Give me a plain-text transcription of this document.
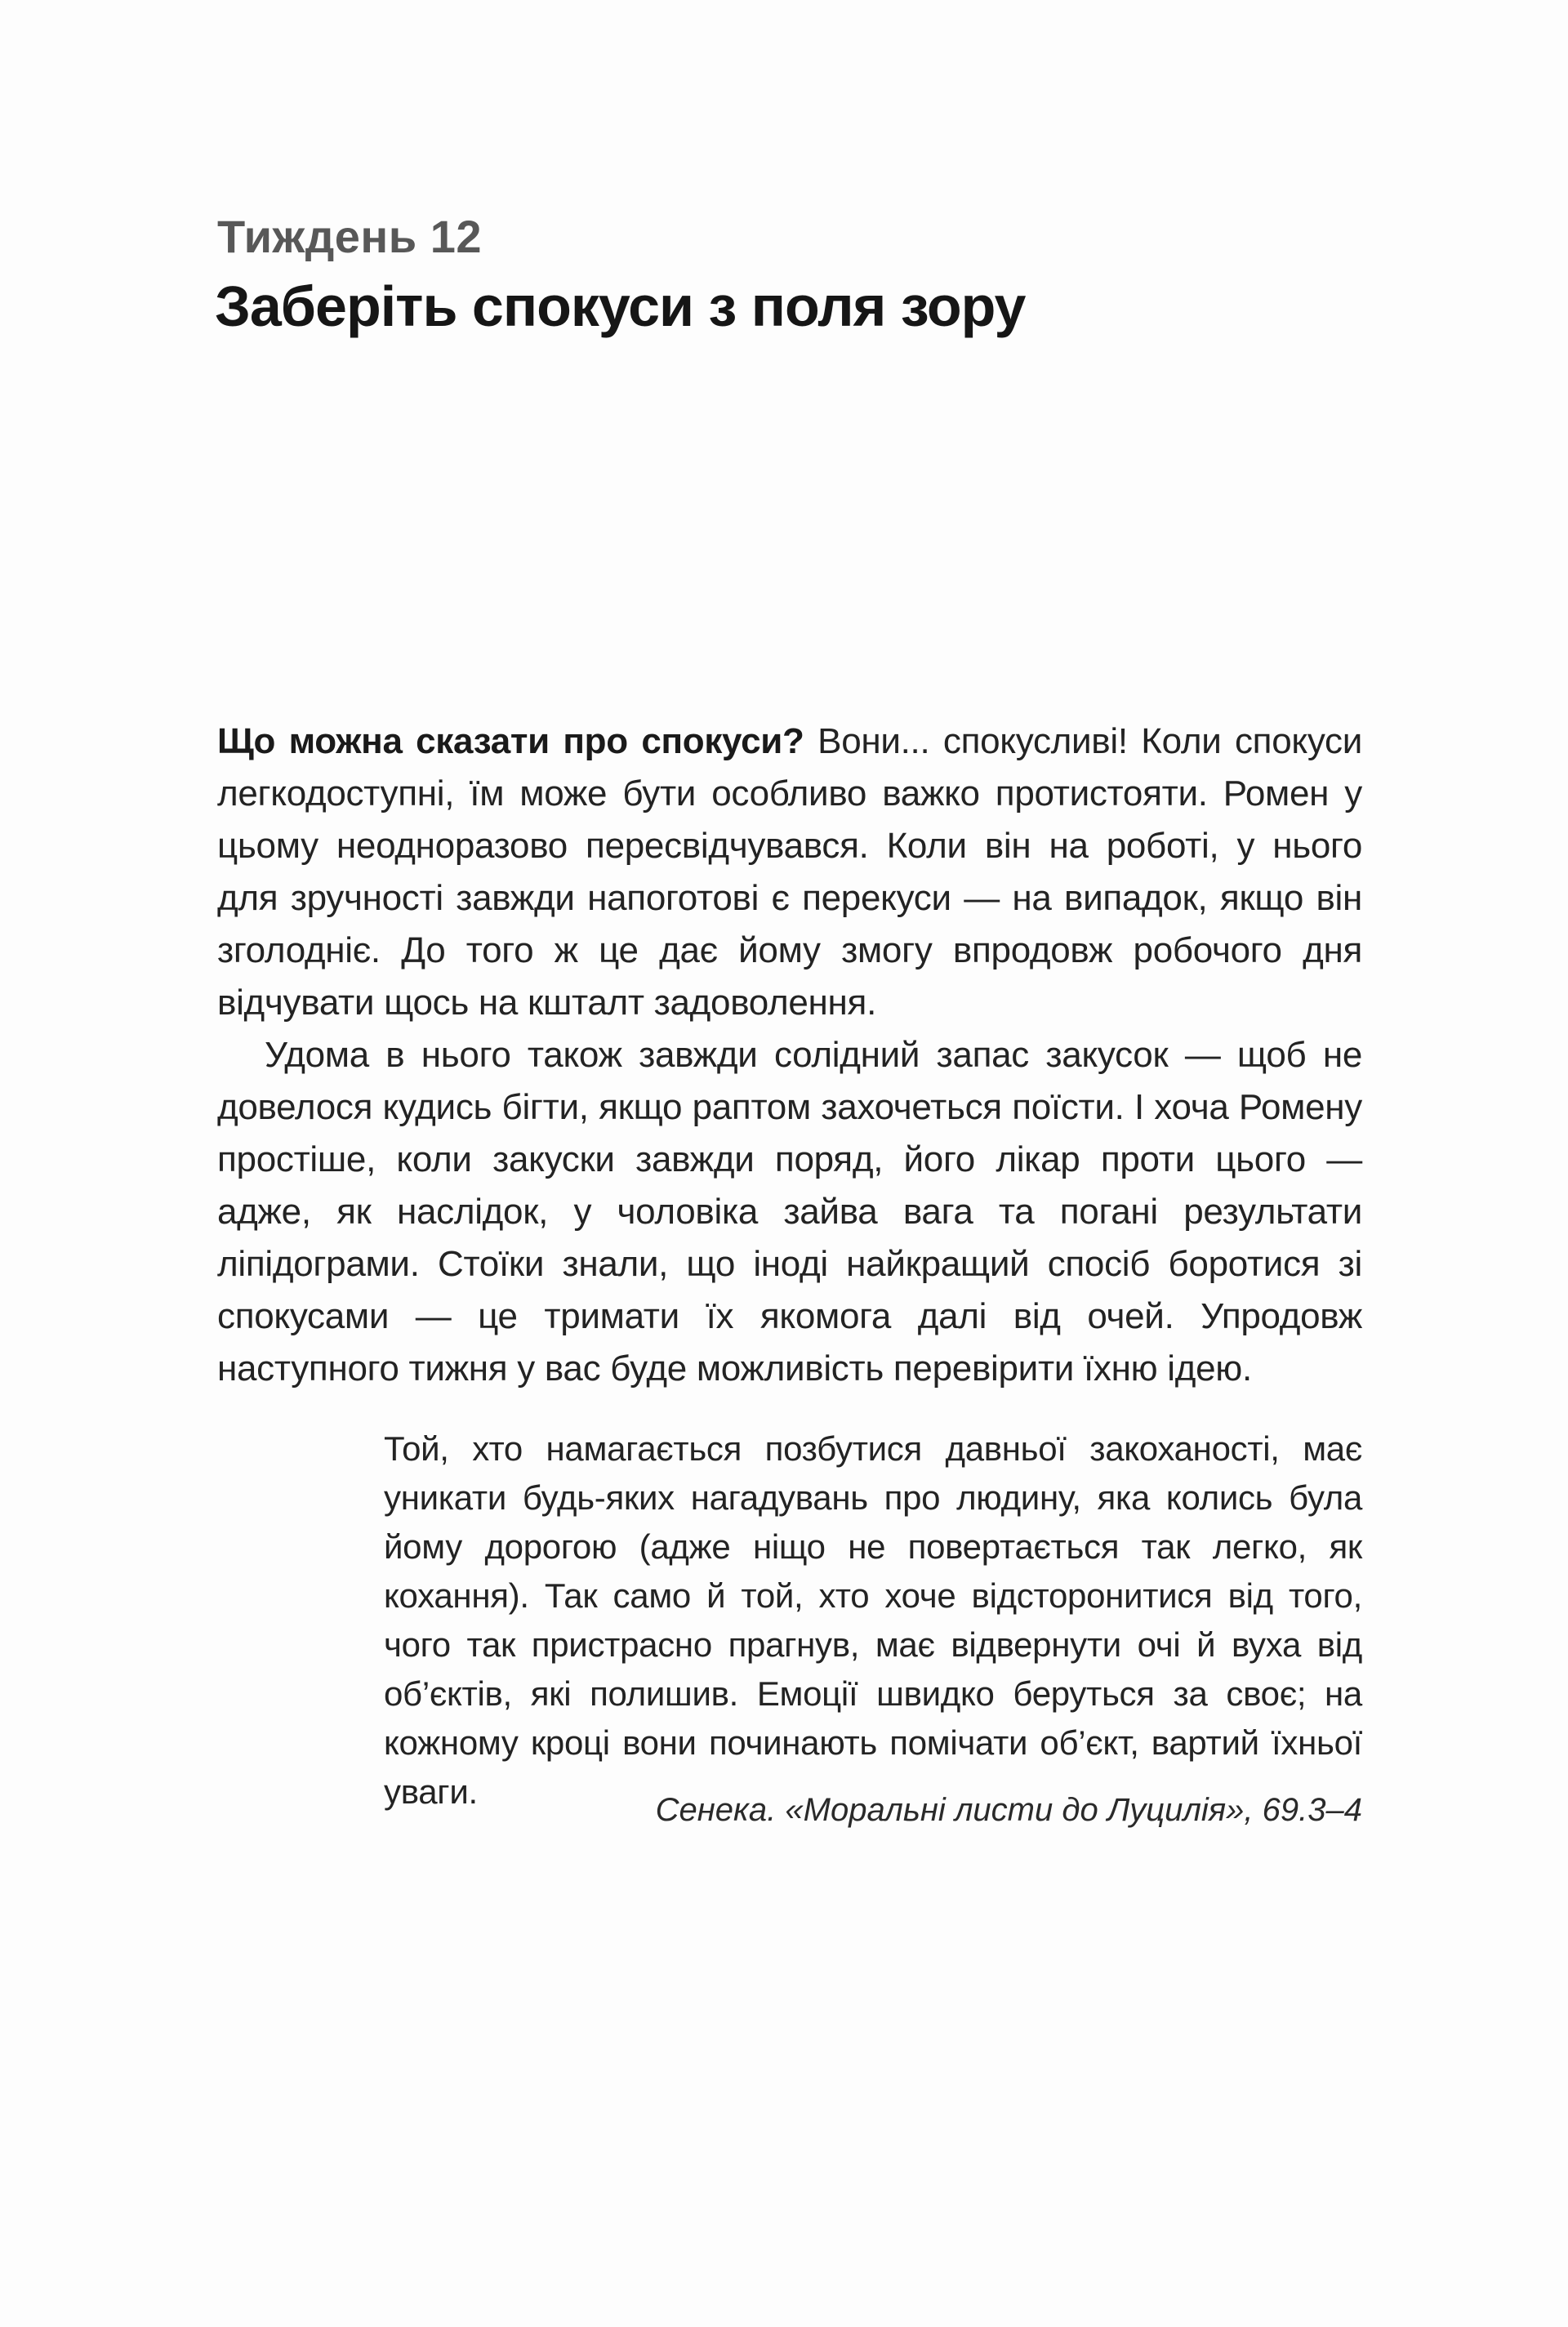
Тиждень 12
Заберіть спокуси з поля зору

Що можна сказати про спокуси? Вони... спокусливі! Коли спокуси легкодоступні, їм може бути особливо важко протистояти. Ромен у цьому неодноразово пересвідчувався. Коли він на роботі, у нього для зручності завжди напоготові є перекуси — на випадок, якщо він зголодніє. До того ж це дає йому змогу впродовж робочого дня відчувати щось на кшталт задоволення.

Удома в нього також завжди солідний запас закусок — щоб не довелося кудись бігти, якщо раптом захочеться поїсти. І хоча Ромену простіше, коли закуски завжди поряд, його лікар проти цього — адже, як наслідок, у чоловіка зайва вага та погані результати ліпідограми. Стоїки знали, що іноді найкращий спосіб боротися зі спокусами — це тримати їх якомога далі від очей. Упродовж наступного тижня у вас буде можливість перевірити їхню ідею.

Той, хто намагається позбутися давньої закоханості, має уникати будь-яких нагадувань про людину, яка колись була йому дорогою (адже ніщо не повертається так легко, як кохання). Так само й той, хто хоче відсторонитися від того, чого так пристрасно прагнув, має відвернути очі й вуха від об’єктів, які полишив. Емоції швидко беруться за своє; на кожному кроці вони починають помічати об’єкт, вартий їхньої уваги.	Сенека. «Моральні листи до Луцилія», 69.3–4
